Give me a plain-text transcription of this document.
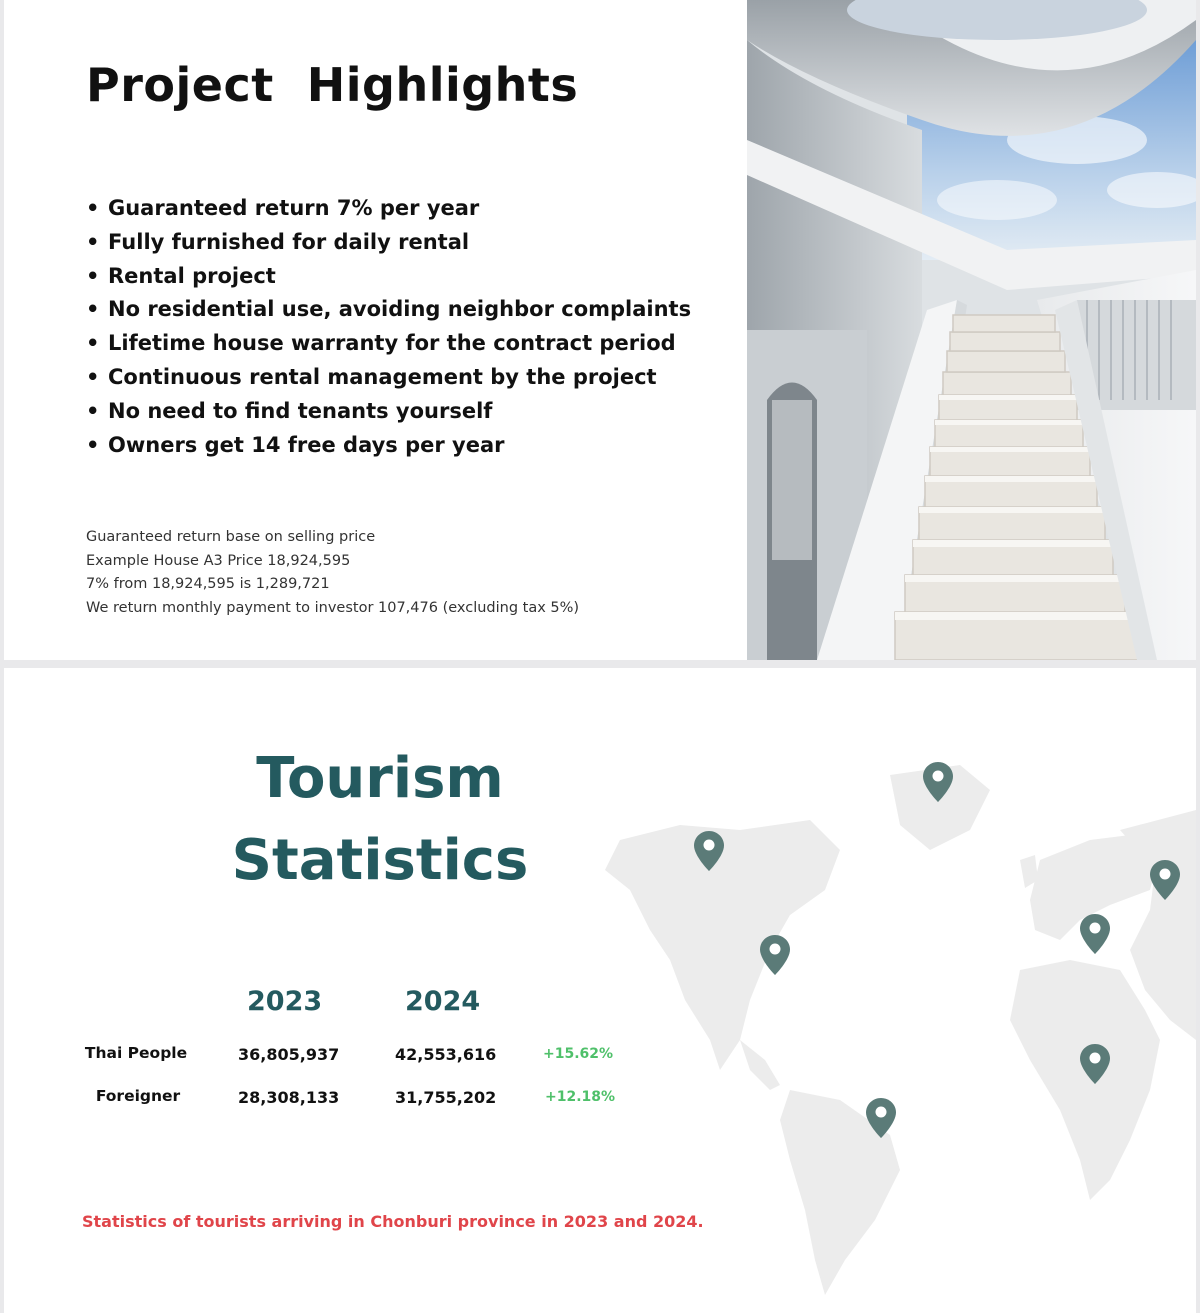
Project  Highlights
• Guaranteed return 7% per year
• Fully furnished for daily rental
• Rental project
• No residential use, avoiding neighbor complaints
• Lifetime house warranty for the contract period
• Continuous rental management by the project
• No need to find tenants yourself
• Owners get 14 free days per year
Guaranteed return base on selling price
Example House A3 Price 18,924,595
7% from 18,924,595 is 1,289,721
We return monthly payment to investor 107,476 (excluding tax 5%)
Tourism
Statistics
2023	2024
Thai People	36,805,937	42,553,616	+15.62%
Foreigner	28,308,133	31,755,202	+12.18%
Statistics of tourists arriving in Chonburi province in 2023 and 2024.
